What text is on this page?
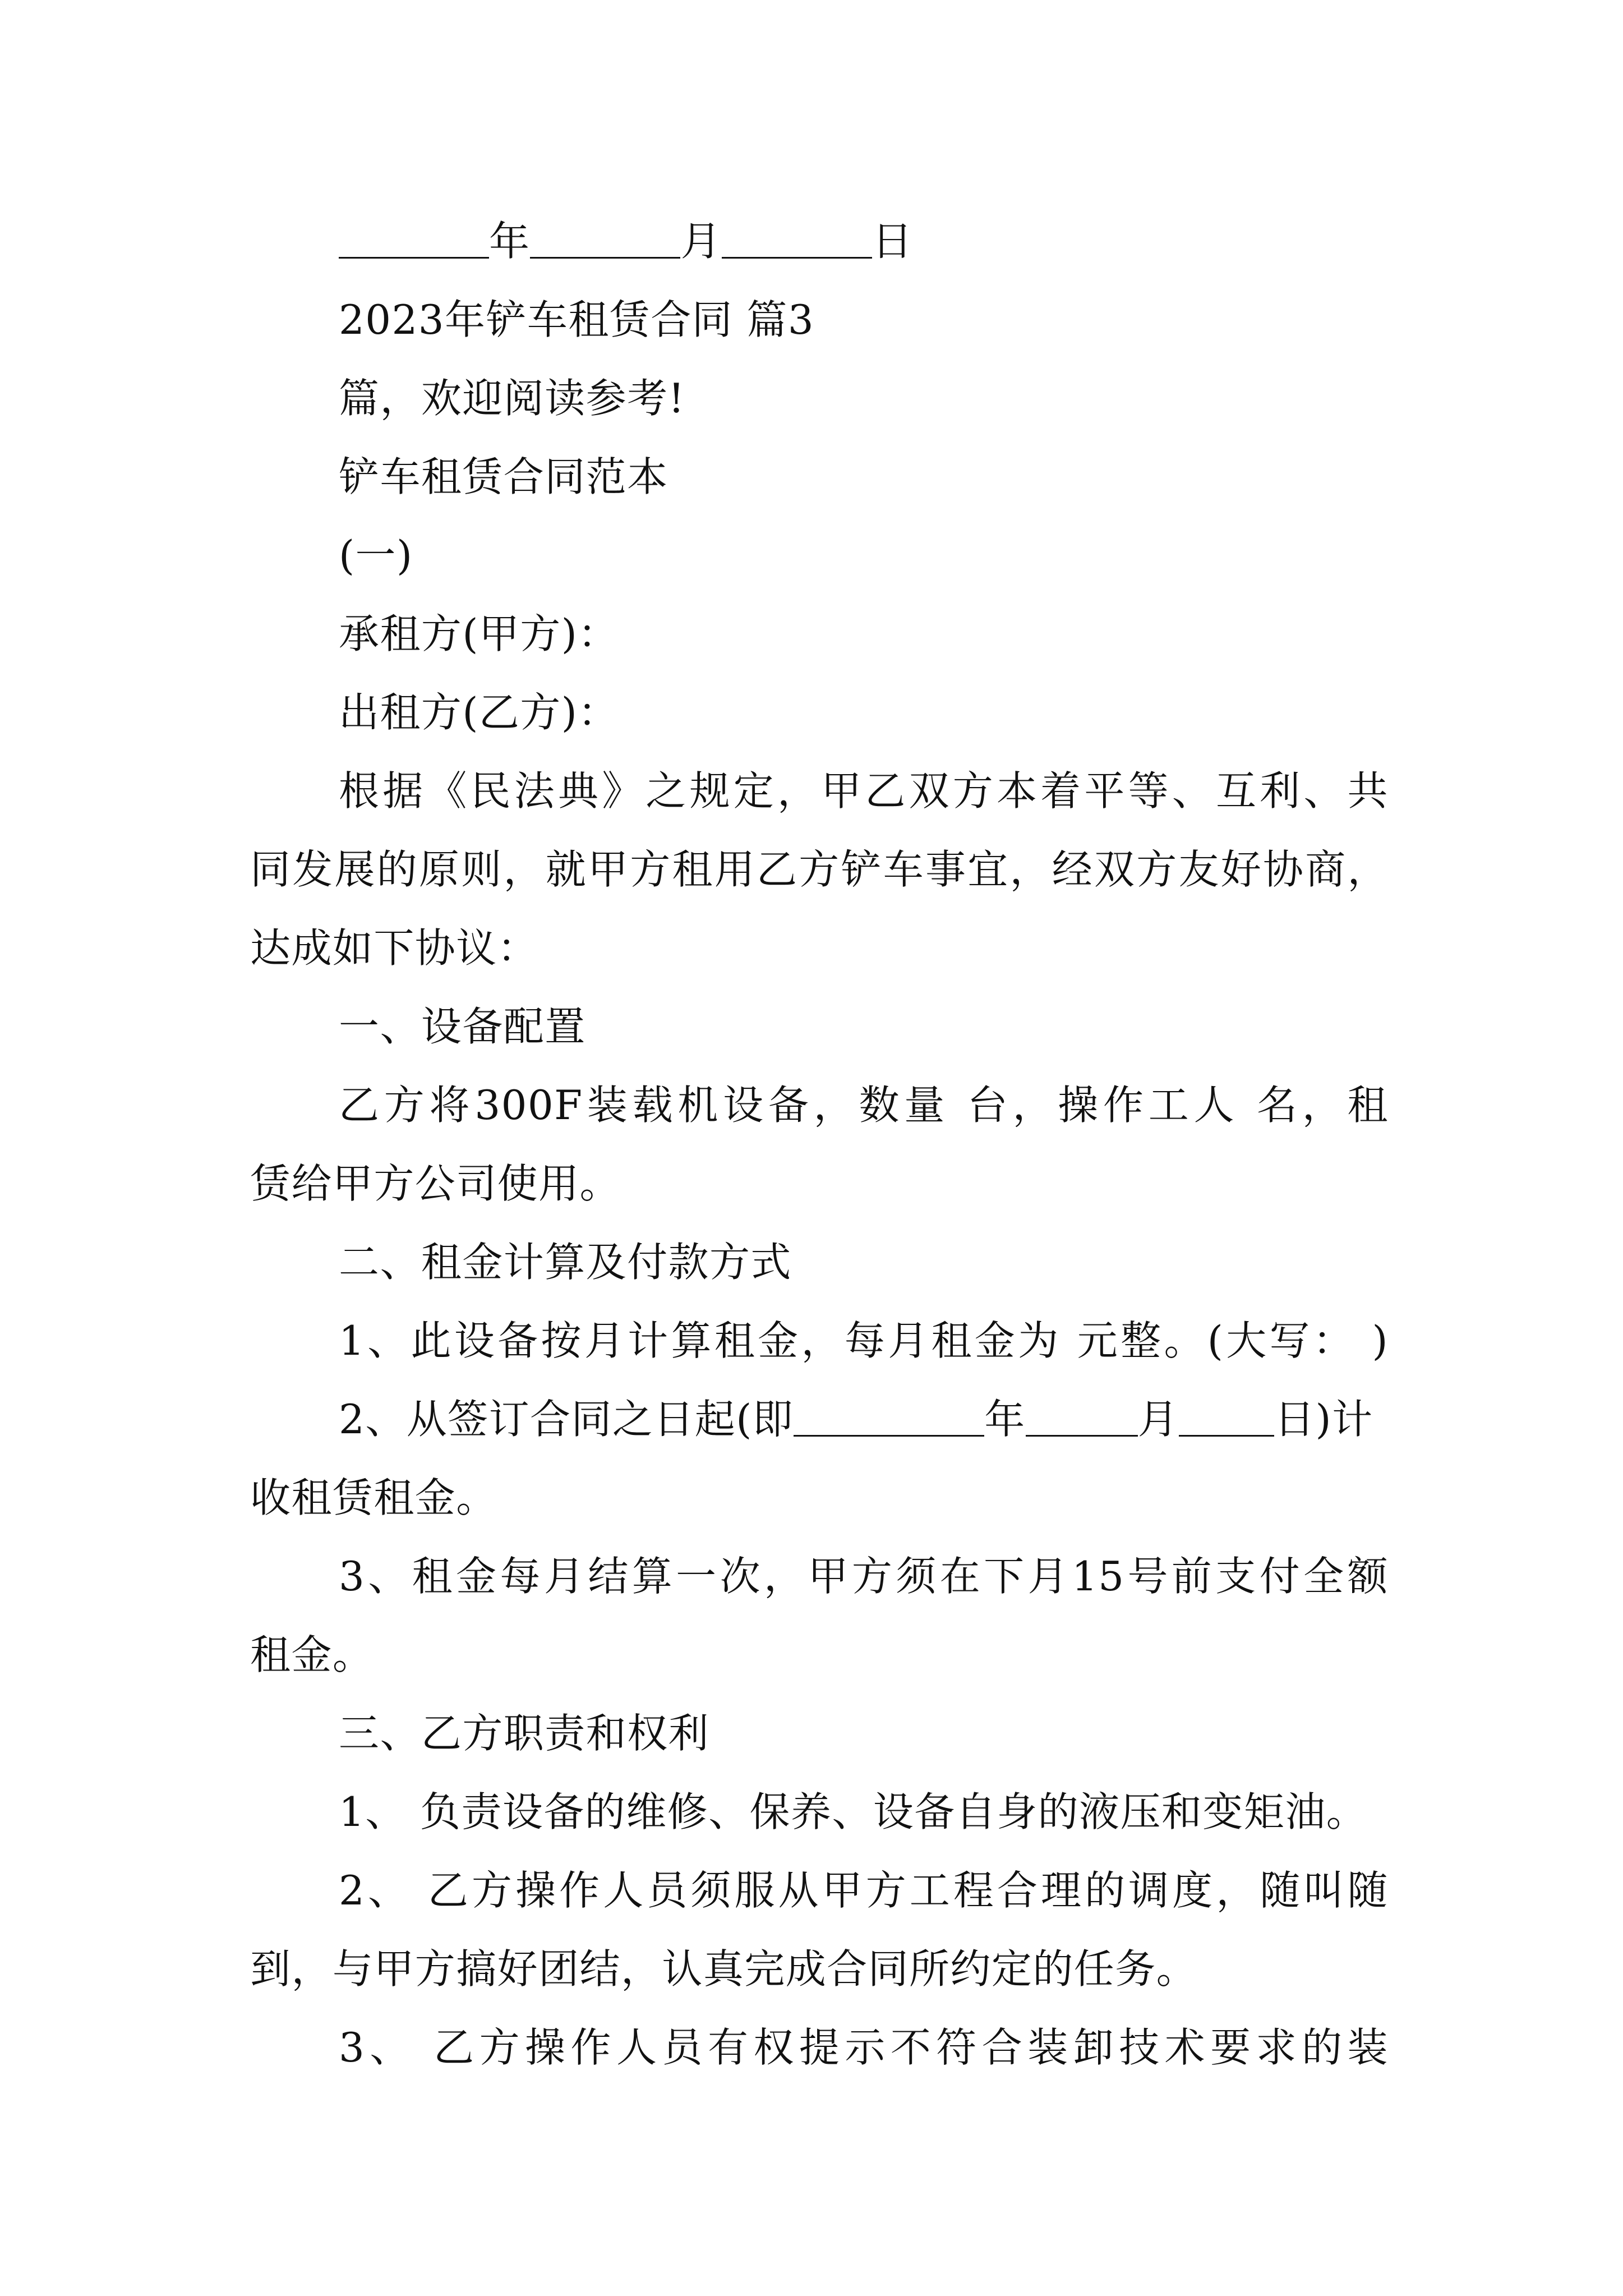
年	月	日
2023年铲车租赁合同 篇3
篇，欢迎阅读参考!
铲车租赁合同范本
(一)
承租方(甲方)：
出租方(乙方)：
根据《民法典》之规定，甲乙双方本着平等、互利、共
同发展的原则，就甲方租用乙方铲车事宜，经双方友好协商，
达成如下协议：
一、设备配置
乙方将300F装载机设备，数量 台，操作工人 名，租
赁给甲方公司使用。
二、租金计算及付款方式
1、此设备按月计算租金，每月租金为 元整。(大写： )
2、从签订合同之日起(即	年	月 日)计
收租赁租金。
3、租金每月结算一次，甲方须在下月15号前支付全额
租金。
三、乙方职责和权利
1、 负责设备的维修、保养、设备自身的液压和变矩油。
2、 乙方操作人员须服从甲方工程合理的调度，随叫随
到，与甲方搞好团结，认真完成合同所约定的任务。
3、 乙方操作人员有权提示不符合装卸技术要求的装
